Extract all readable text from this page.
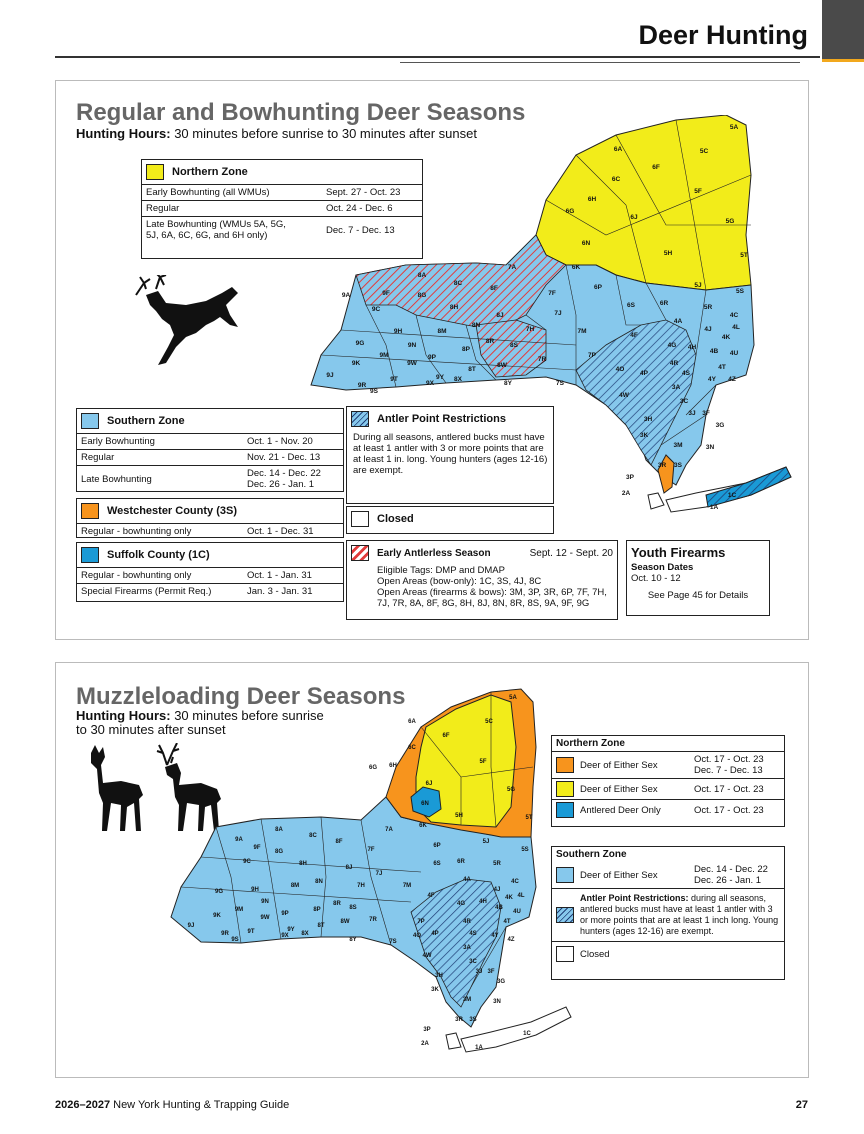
Deer Hunting
Regular and Bowhunting Deer Seasons
Hunting Hours: 30 minutes before sunrise to 30 minutes after sunset	5A
5C
6A
6F
6C
5F
6G
6H
6J
5G
6N
5H
6K
7A
5J
5T
8A
9A	9F
8C
8F
7F
6P
6S	6R
5R
5S
8G
8H
8J	7J
4A
4J
4C
4L
9C
9G
9H	8M
8N
7H	7M
4F
4G 4H
4B
4K
4U
9J
9K
9M
9N
9P
8P
8R
8S
7R
7P
4O
4P
4R
4S
4T
4Y 4Z
9R
9S
9T
9W
9Y
9X
8X
8T
8W
8Y	7S
4W
3A
3C
3J 3F
3G
3H
3K
3M	3N
3R 3S
3P
2A
1A
1C
Northern Zone
Early Bowhunting (all WMUs)	Sept. 27 - Oct. 23
Regular	Oct. 24 - Dec. 6
Late Bowhunting (WMUs 5A, 5G, 5J, 6A, 6C, 6G, and 6H only)	Dec. 7 - Dec. 13
Southern Zone
Early Bowhunting	Oct. 1 - Nov. 20
Regular	Nov. 21 - Dec. 13
Late Bowhunting	Dec. 14 - Dec. 22
Dec. 26 - Jan. 1
Westchester County (3S)
Regular - bowhunting only	Oct. 1 - Dec. 31
Suffolk County (1C)
Regular - bowhunting only	Oct. 1 - Jan. 31
Special Firearms (Permit Req.)	Jan. 3 - Jan. 31
Antler Point Restrictions
During all seasons, antlered bucks must have at least 1 antler with 3 or more points that are at least 1 in. long. Young hunters (ages 12-16) are exempt.
Closed
Early Antlerless Season	Sept. 12 - Sept. 20
Eligible Tags: DMP and DMAP
Open Areas (bow-only): 1C, 3S, 4J, 8C
Open Areas (firearms & bows): 3M, 3P, 3R, 6P, 7F, 7H, 7J, 7R, 8A, 8F, 8G, 8H, 8J, 8N, 8R, 8S, 9A, 9F, 9G
Youth Firearms
Season Dates
Oct. 10 - 12
See Page 45 for Details
Muzzleloading Deer Seasons
Hunting Hours: 30 minutes before sunrise
to 30 minutes after sunset
5A
5C
6A
6F
6C
5F
6G 6H
6J
5G
6N
5H
6K
7A
5J
5T
8A
9A
9F
8C
8F
7F
6P
6S	6R	5R
5S
8G
8H
8J
7J
4A
4J
4C
4L
9C
9G	9H
8M
8N
7H	7M
4F
4G 4H
4B
4K
4U
9J
9K
9M
9N
9P
8P
8R
8S
7R	7P
4O 4P
4R
4S
4T
4Y
4Z
9R
9S
9T
9W
9Y
9X 8X
8T
8W
8Y	7S
4W
3A
3C
3J 3F
3G
3H
3K
3M	3N
3R 3S
3P
2A
1A
1C
Northern Zone
Deer of Either Sex	Oct. 17 - Oct. 23
Dec. 7 - Dec. 13
Deer of Either Sex	Oct. 17 - Oct. 23
Antlered Deer Only	Oct. 17 - Oct. 23
Southern Zone
Deer of Either Sex	Dec. 14 - Dec. 22
Dec. 26 - Jan. 1
Antler Point Restrictions: during all seasons, antlered bucks must have at least 1 antler with 3 or more points that are at least 1 inch long. Young hunters (ages 12-16) are exempt.
Closed
2026–2027 New York Hunting & Trapping Guide	27
